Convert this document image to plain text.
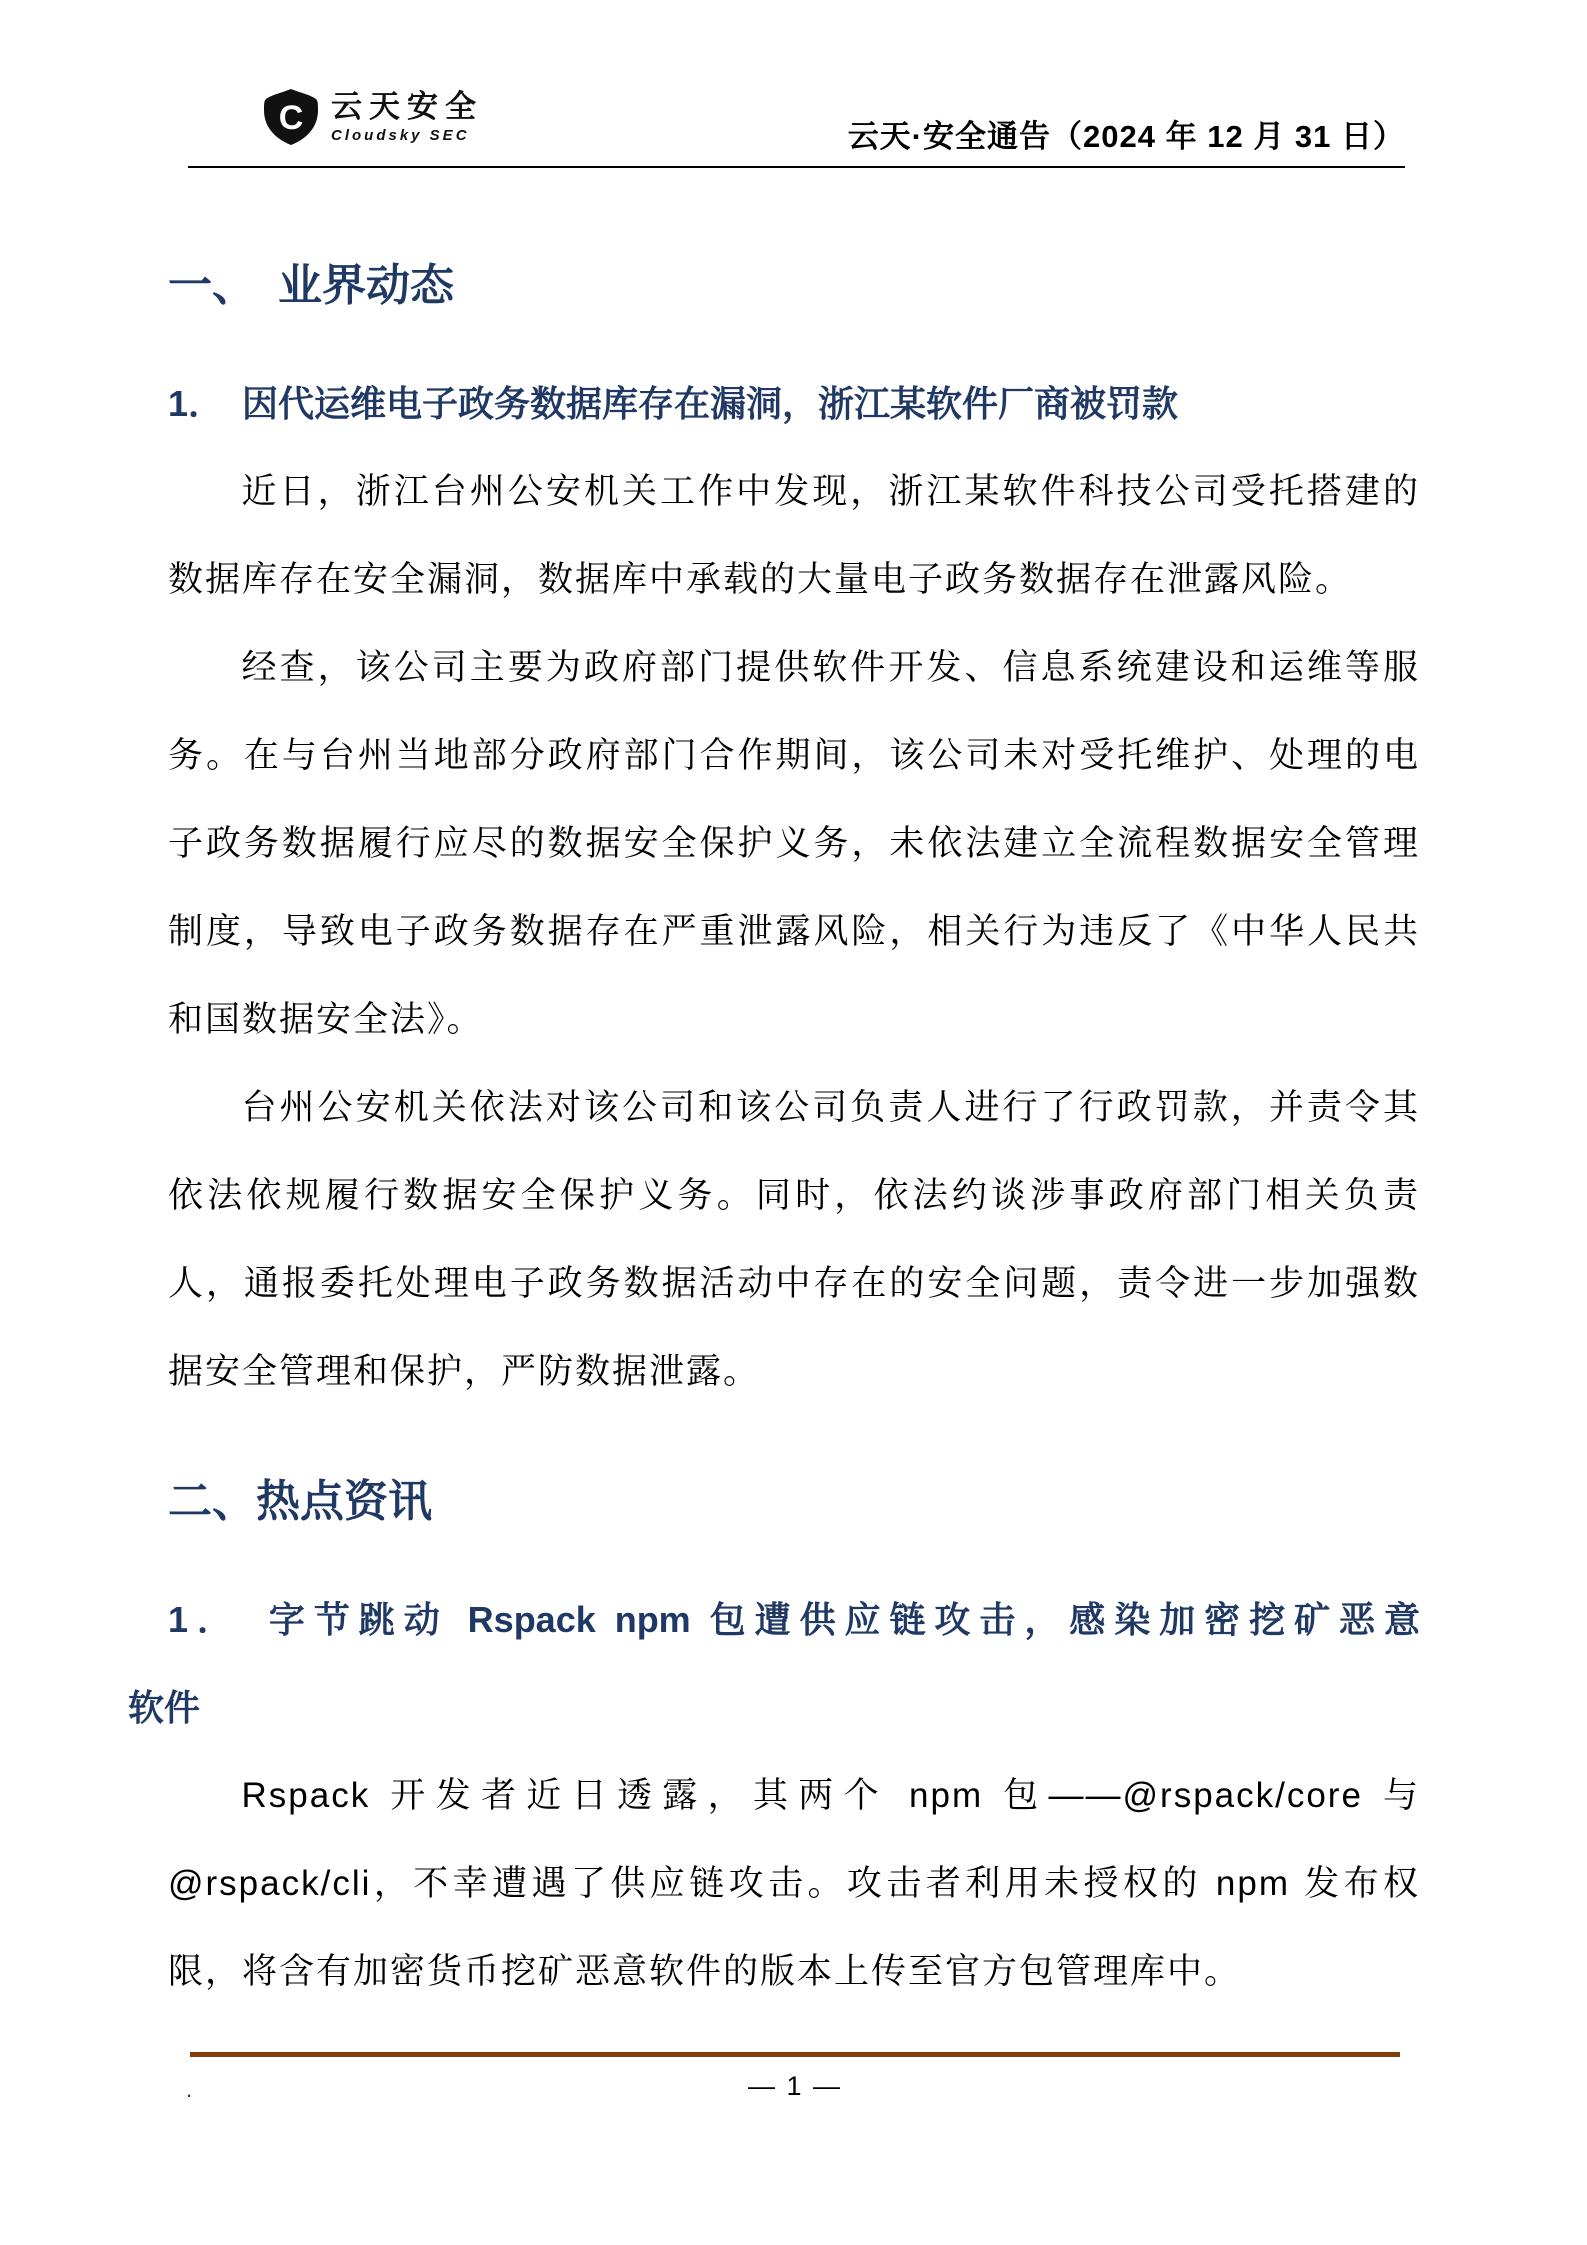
C 云天安全
Cloudsky SEC	云天·安全通告（2024 年 12 月 31 日）
一、　业界动态
1．　因代运维电子政务数据库存在漏洞，浙江某软件厂商被罚款

近日，浙江台州公安机关工作中发现，浙江某软件科技公司受托搭建的数据库存在安全漏洞，数据库中承载的大量电子政务数据存在泄露风险。

经查，该公司主要为政府部门提供软件开发、信息系统建设和运维等服务。在与台州当地部分政府部门合作期间，该公司未对受托维护、处理的电子政务数据履行应尽的数据安全保护义务，未依法建立全流程数据安全管理制度，导致电子政务数据存在严重泄露风险，相关行为违反了《中华人民共和国数据安全法》。

台州公安机关依法对该公司和该公司负责人进行了行政罚款，并责令其依法依规履行数据安全保护义务。同时，依法约谈涉事政府部门相关负责人，通报委托处理电子政务数据活动中存在的安全问题，责令进一步加强数据安全管理和保护，严防数据泄露。

二、热点资讯
1．　字节跳动 Rspack npm 包遭供应链攻击，感染加密挖矿恶意
软件

Rspack 开发者近日透露，其两个 npm 包——@rspack/core 与 @rspack/cli，不幸遭遇了供应链攻击。攻击者利用未授权的 npm 发布权限，将含有加密货币挖矿恶意软件的版本上传至官方包管理库中。

.	— 1 —
